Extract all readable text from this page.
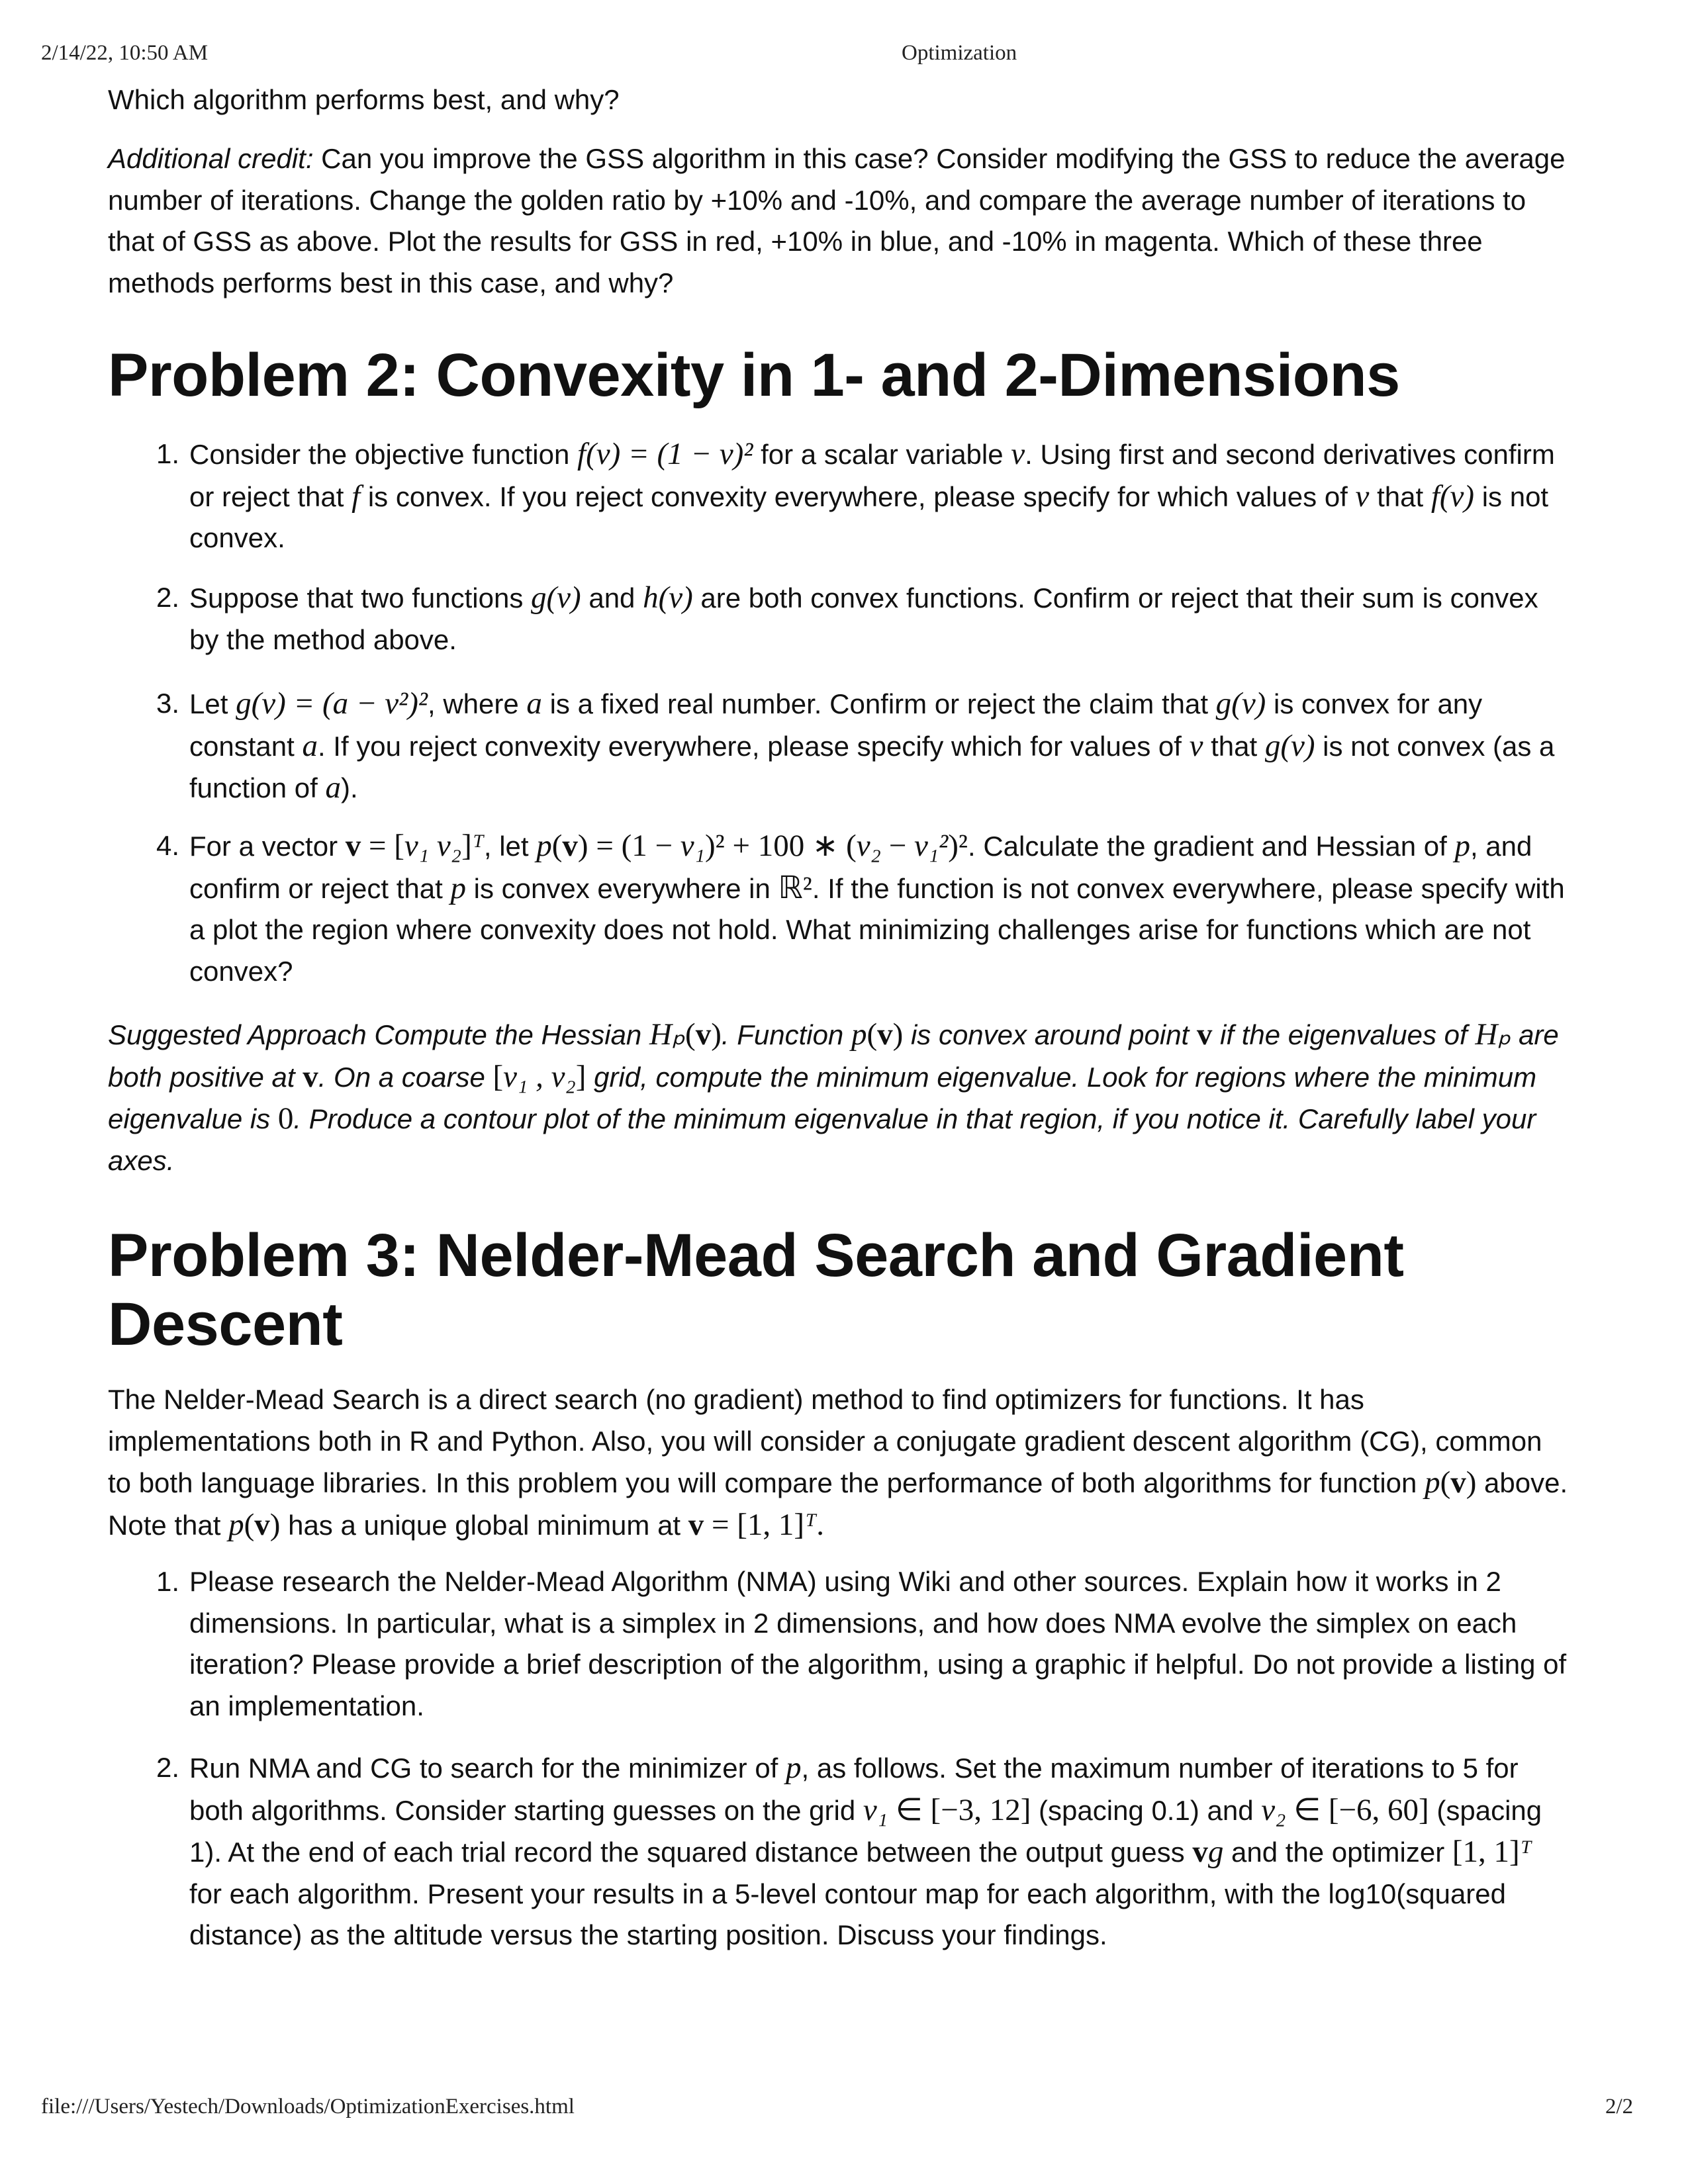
2/14/22, 10:50 AM	Optimization
Which algorithm performs best, and why?
Additional credit: Can you improve the GSS algorithm in this case? Consider modifying the GSS to reduce the average number of iterations. Change the golden ratio by +10% and -10%, and compare the average number of iterations to that of GSS as above. Plot the results for GSS in red, +10% in blue, and -10% in magenta. Which of these three methods performs best in this case, and why?
Problem 2: Convexity in 1- and 2-Dimensions
1. Consider the objective function f(v) = (1 − v)² for a scalar variable v. Using first and second derivatives confirm or reject that f is convex. If you reject convexity everywhere, please specify for which values of v that f(v) is not convex.
2. Suppose that two functions g(v) and h(v) are both convex functions. Confirm or reject that their sum is convex by the method above.
3. Let g(v) = (a − v²)², where a is a fixed real number. Confirm or reject the claim that g(v) is convex for any constant a. If you reject convexity everywhere, please specify which for values of v that g(v) is not convex (as a function of a).
4. For a vector v = [v₁ v₂]ᵀ, let p(v) = (1 − v₁)² + 100 ∗ (v₂ − v₁²)². Calculate the gradient and Hessian of p, and confirm or reject that p is convex everywhere in ℝ². If the function is not convex everywhere, please specify with a plot the region where convexity does not hold. What minimizing challenges arise for functions which are not convex?
Suggested Approach Compute the Hessian Hₚ(v). Function p(v) is convex around point v if the eigenvalues of Hₚ are both positive at v. On a coarse [v₁ , v₂] grid, compute the minimum eigenvalue. Look for regions where the minimum eigenvalue is 0. Produce a contour plot of the minimum eigenvalue in that region, if you notice it. Carefully label your axes.
Problem 3: Nelder-Mead Search and Gradient Descent
The Nelder-Mead Search is a direct search (no gradient) method to find optimizers for functions. It has implementations both in R and Python. Also, you will consider a conjugate gradient descent algorithm (CG), common to both language libraries. In this problem you will compare the performance of both algorithms for function p(v) above. Note that p(v) has a unique global minimum at v = [1, 1]ᵀ.
1. Please research the Nelder-Mead Algorithm (NMA) using Wiki and other sources. Explain how it works in 2 dimensions. In particular, what is a simplex in 2 dimensions, and how does NMA evolve the simplex on each iteration? Please provide a brief description of the algorithm, using a graphic if helpful. Do not provide a listing of an implementation.
2. Run NMA and CG to search for the minimizer of p, as follows. Set the maximum number of iterations to 5 for both algorithms. Consider starting guesses on the grid v₁ ∈ [−3, 12] (spacing 0.1) and v₂ ∈ [−6, 60] (spacing 1). At the end of each trial record the squared distance between the output guess vg and the optimizer [1, 1]ᵀ for each algorithm. Present your results in a 5-level contour map for each algorithm, with the log10(squared distance) as the altitude versus the starting position. Discuss your findings.
file:///Users/Yestech/Downloads/OptimizationExercises.html	2/2
